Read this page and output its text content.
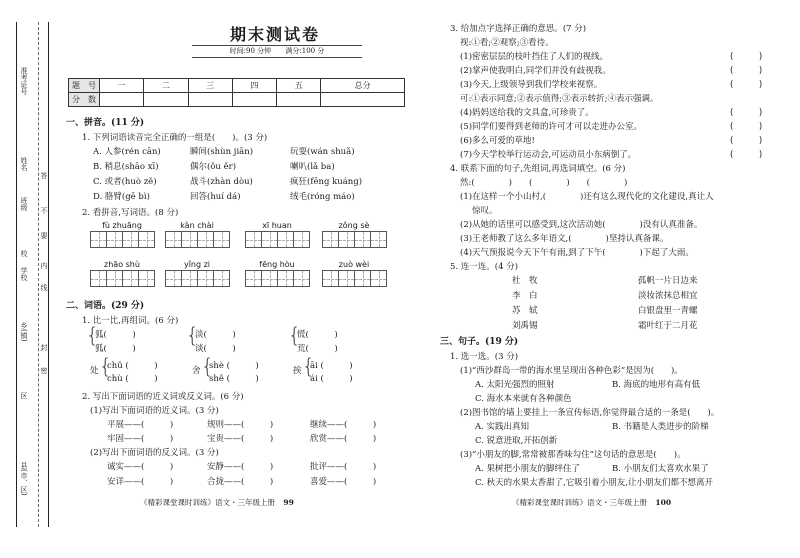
准考证号
姓名
班级
校
学校
乡(镇)
区
县(市、区)
答
不
要
内
线
封
密
期末测试卷
时间:90 分钟 满分:100 分
题　号	一	二	三	四	五	总分
分　数						
一、拼音。(11 分)
1. 下列词语读音完全正确的一组是(　　)。(3 分)
A. 人参(rén cān)	瞬间(shùn jiān)	玩耍(wán shuǎ)
B. 稍息(shāo xī)	偶尔(ǒu ěr)	喇叭(lǎ ba)
C. 或者(huò zě)	战斗(zhàn dòu)	疯狂(fēng kuáng)
D. 胳臂(gē bì)	回答(huí dá)	绒毛(róng máo)
2. 看拼音,写词语。(8 分)
fù zhuāng	kàn chài	xī huan	zǒng sè
zhāo shù	yǐng zi	fēng hòu	zuò wèi
二、词语。(29 分)
1. 比一比,再组词。(6 分)
{
狐(　　　)
狐(　　　)
{
淡(　　　)
谈(　　　)
{
慌(　　　)
荒(　　　)
处 {
chǔ (　　　)
chù (　　　)
舍 {
shè (　　　)
shě (　　　)
挨 {
āi (　　　)
ái (　　　)
2. 写出下面词语的近义词或反义词。(6 分)
(1)写出下面词语的近义词。(3 分)
平展——(　　　)	规则——(　　　)	继续——(　　　)
牢固——(　　　)	宝贵——(　　　)	欣赏——(　　　)
(2)写出下面词语的反义词。(3 分)
诚实——(　　　)	安静——(　　　)	批评——(　　　)
安详——(　　　)	合拢——(　　　)	喜爱——(　　　)
《精彩课堂课时训练》语文・三年级上册 99
3. 给加点字选择正确的意思。(7 分)
视:①看;②观察;③看待。
(1)密密层层的枝叶挡住了人们的视线。	(　　　)
(2)掌声使我明白,同学们并没有歧视我。	(　　　)
(3)今天,上级领导到我们学校来视察。	(　　　)
可:①表示同意;②表示值得;③表示转折;④表示强调。
(4)妈妈送给我的文具盒,可珍贵了。	(　　　)
(5)同学们要得到老师的许可才可以走进办公室。	(　　　)
(6)多么可爱的草地!	(　　　)
(7)今天学校举行运动会,可运动员小东病倒了。	(　　　)
4. 联系下面的句子,先组词,再选词填空。(6 分)
然:(　　　　)　　(　　　　)　　(　　　　)
(1)在这样一个小山村,(　　　　)还有这么现代化的文化建设,真让人
惊叹。
(2)从她的话里可以感受到,这次活动她(　　　　)没有认真准备。
(3)王老师教了这么多年语文,(　　　　)坚持认真备课。
(4)天气预报说今天下午有雨,到了下午(　　　　)下起了大雨。
5. 连一连。(4 分)
杜　牧
李　白
苏　轼
刘禹锡
孤帆一片日边来
淡妆浓抹总相宜
白银盘里一青螺
霜叶红于二月花
三、句子。(19 分)
1. 选一选。(3 分)
(1)“西沙群岛一带的海水里呈现出各种色彩”是因为(　　)。
A. 太阳光强烈的照射	B. 海底的地形有高有低
C. 海水本来就有各种颜色
(2)图书馆的墙上要挂上一条宣传标语,你觉得最合适的一条是(　　)。
A. 实践出真知	B. 书籍是人类进步的阶梯
C. 锐意进取,开拓创新
(3)“小朋友的脚,常常被那香味勾住”这句话的意思是(　　)。
A. 果树把小朋友的脚绊住了	B. 小朋友们太喜欢水果了
C. 秋天的水果太香甜了,它吸引着小朋友,让小朋友们都不想离开
《精彩课堂课时训练》语文・三年级上册 100
